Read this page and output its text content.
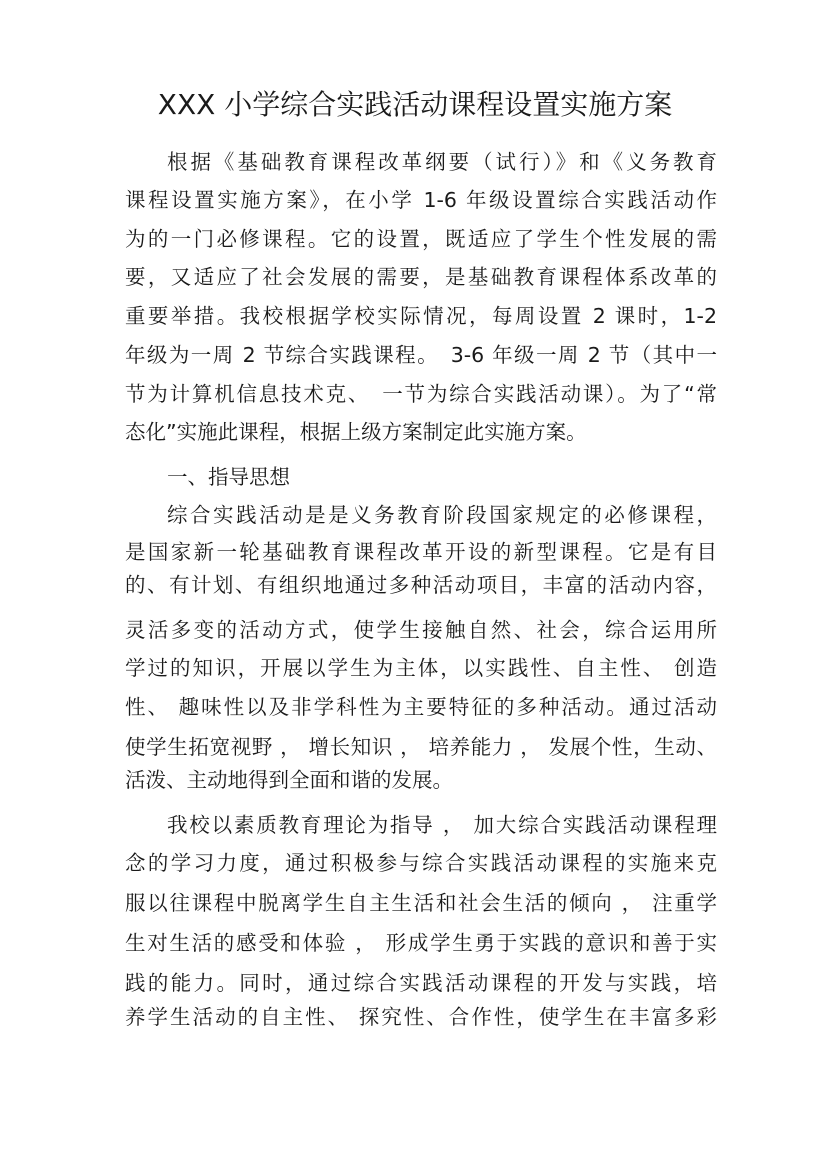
XXX 小学综合实践活动课程设置实施方案
根据《基础教育课程改革纲要（试行）》和《义务教育
课程设置实施方案》，在小学 1-6 年级设置综合实践活动作
为的一门必修课程。它的设置，既适应了学生个性发展的需
要，又适应了社会发展的需要，是基础教育课程体系改革的
重要举措。我校根据学校实际情况，每周设置 2 课时，1-2
年级为一周 2 节综合实践课程。　3-6 年级一周 2 节（其中一
节为计算机信息技术克、　一节为综合实践活动课）。为了“常
态化”实施此课程，根据上级方案制定此实施方案。
一、指导思想
综合实践活动是是义务教育阶段国家规定的必修课程，
是国家新一轮基础教育课程改革开设的新型课程。它是有目
的、有计划、有组织地通过多种活动项目，丰富的活动内容，
灵活多变的活动方式，使学生接触自然、社会，综合运用所
学过的知识，开展以学生为主体，以实践性、自主性、 创造
性、 趣味性以及非学科性为主要特征的多种活动。通过活动
使学生拓宽视野 ， 增长知识 ， 培养能力 ， 发展个性，生动、
活泼、主动地得到全面和谐的发展。
我校以素质教育理论为指导 ， 加大综合实践活动课程理
念的学习力度，通过积极参与综合实践活动课程的实施来克
服以往课程中脱离学生自主生活和社会生活的倾向 ， 注重学
生对生活的感受和体验 ， 形成学生勇于实践的意识和善于实
践的能力。同时，通过综合实践活动课程的开发与实践，培
养学生活动的自主性、 探究性、合作性，使学生在丰富多彩
